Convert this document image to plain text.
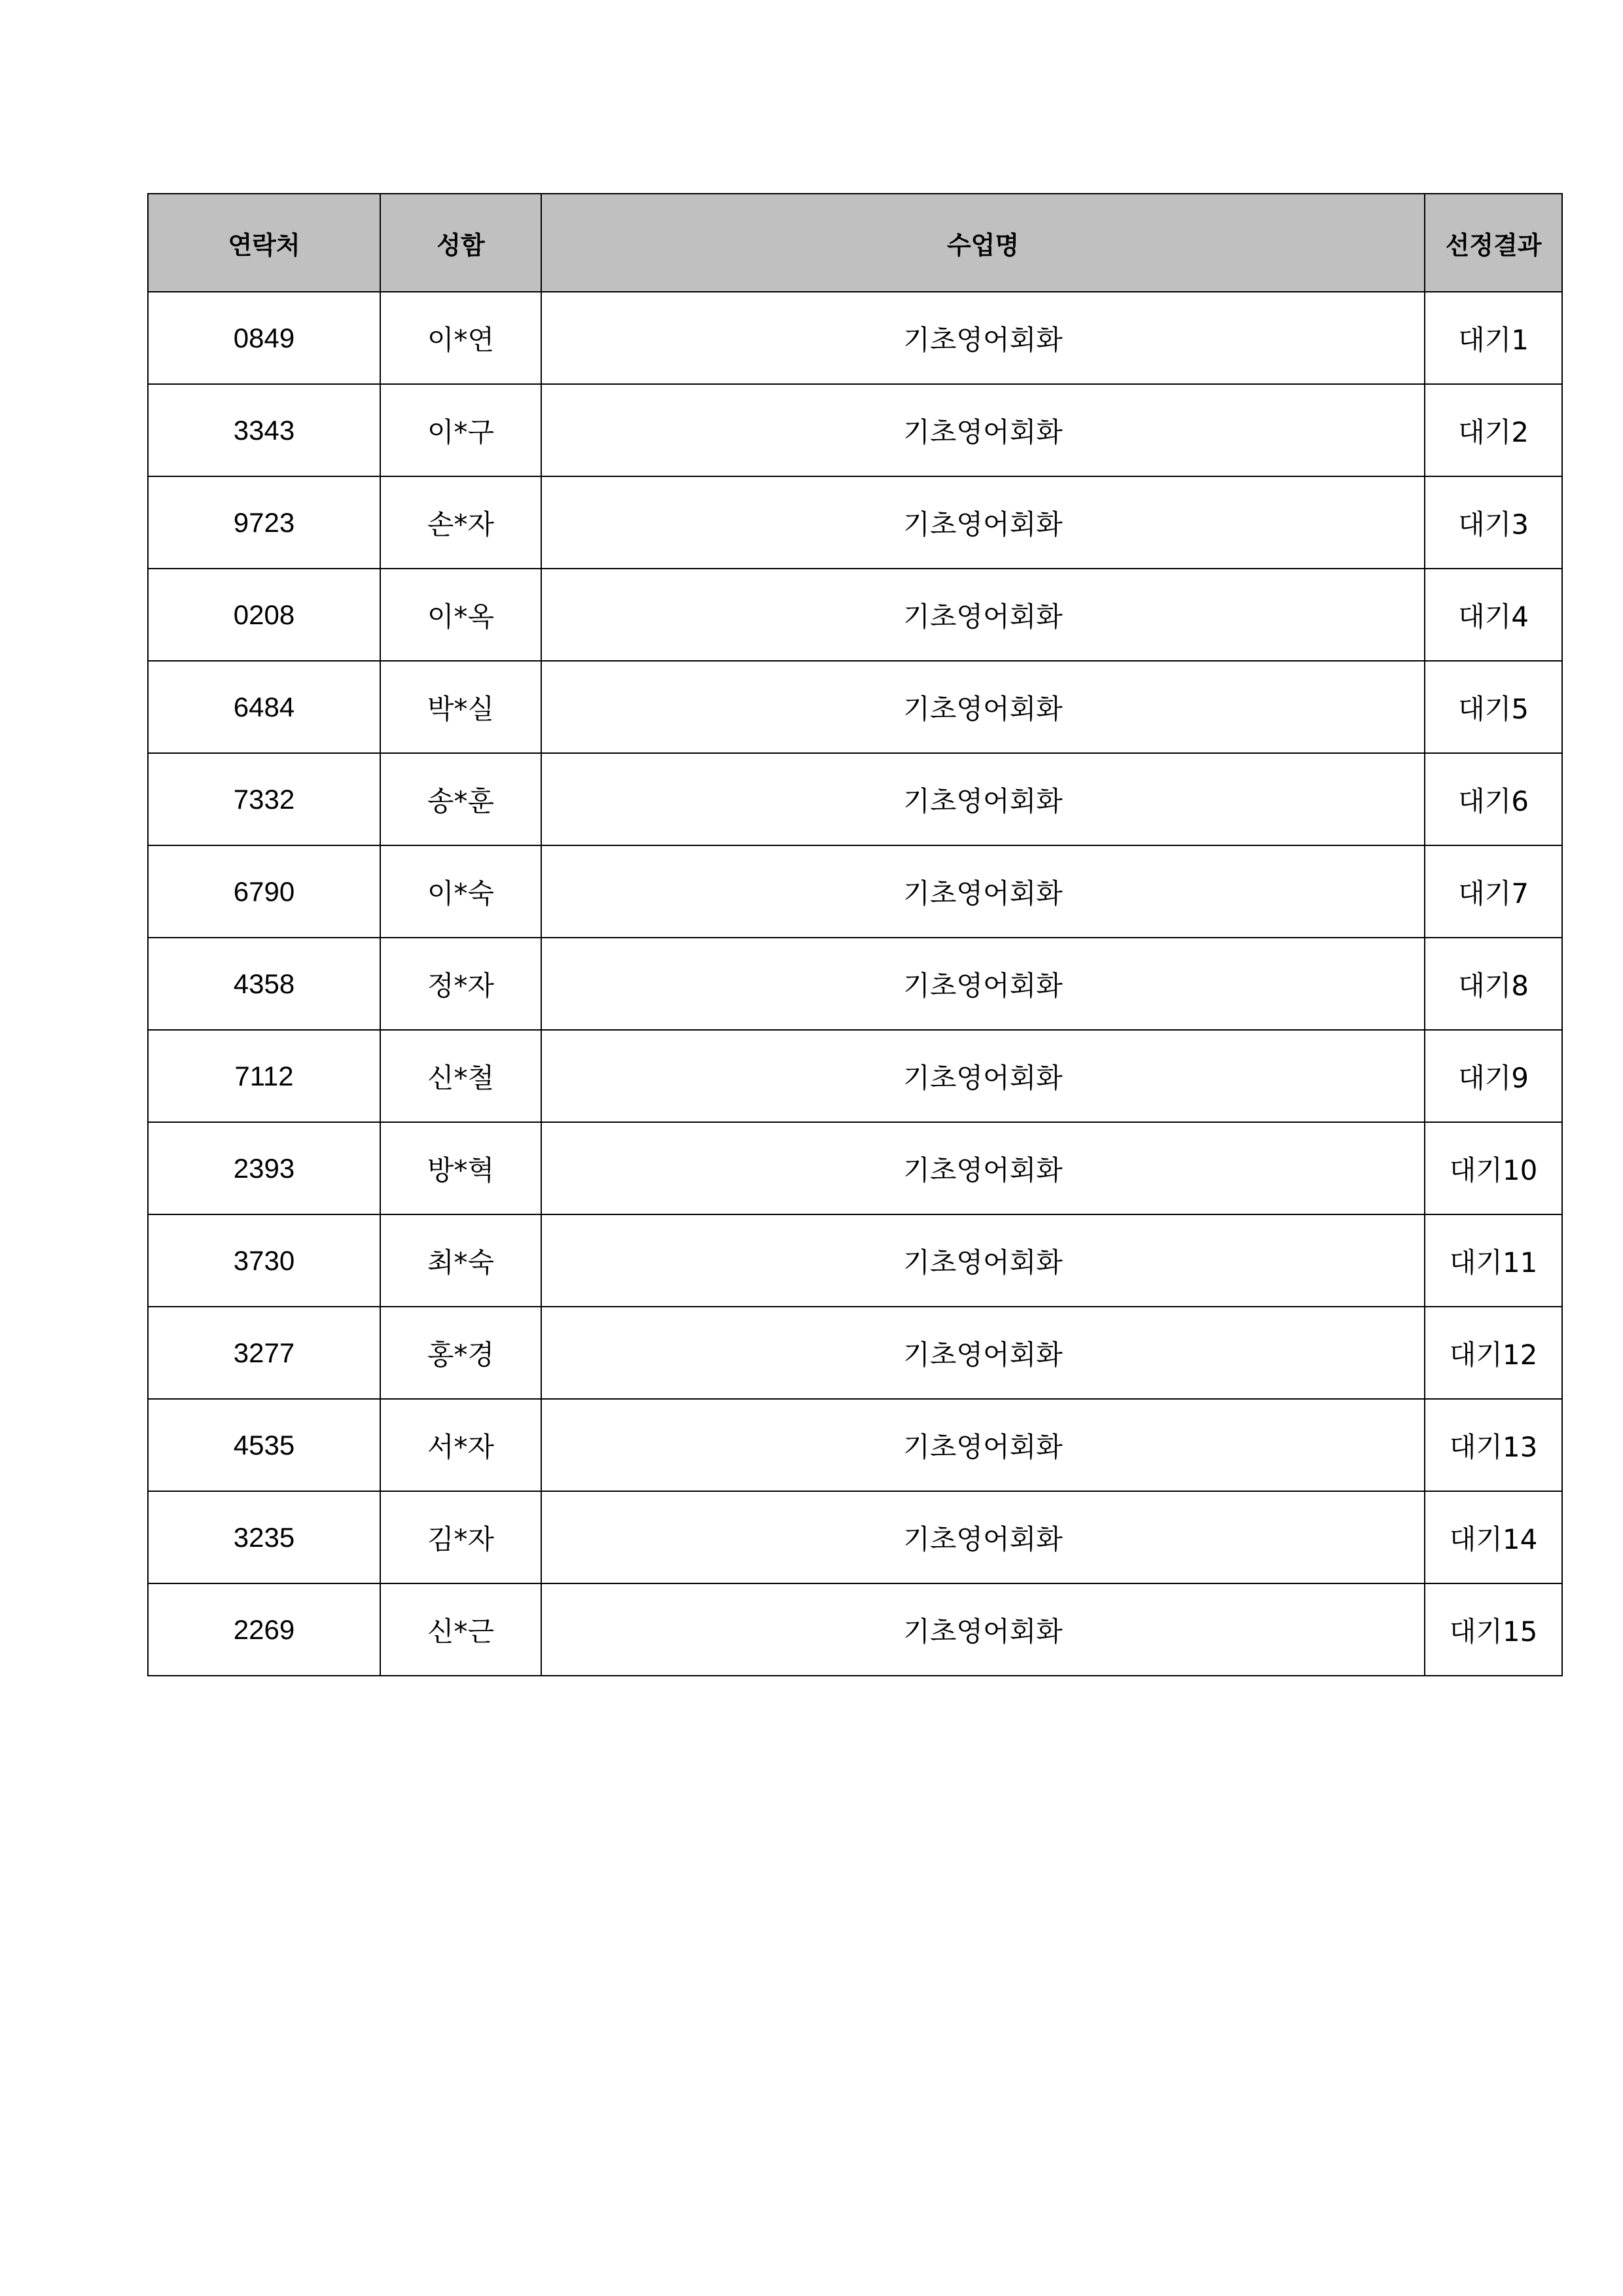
연락처	성함	수업명	선정결과
0849	이*연	기초영어회화	대기1
3343	이*구	기초영어회화	대기2
9723	손*자	기초영어회화	대기3
0208	이*옥	기초영어회화	대기4
6484	박*실	기초영어회화	대기5
7332	송*훈	기초영어회화	대기6
6790	이*숙	기초영어회화	대기7
4358	정*자	기초영어회화	대기8
7112	신*철	기초영어회화	대기9
2393	방*혁	기초영어회화	대기10
3730	최*숙	기초영어회화	대기11
3277	홍*경	기초영어회화	대기12
4535	서*자	기초영어회화	대기13
3235	김*자	기초영어회화	대기14
2269	신*근	기초영어회화	대기15
